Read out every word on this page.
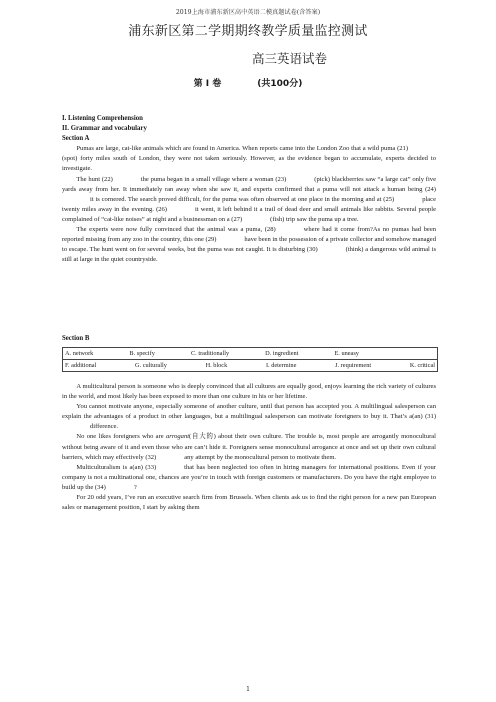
2019上海市浦东新区高中英语二模真题试卷(含答案)
浦东新区第二学期期终教学质量监控测试
高三英语试卷
第 I 卷	(共100分)
I. Listening Comprehension
II. Grammar and vocabulary
Section A

Pumas are large, cat-like animals which are found in America. When reports came into the London Zoo that a wild puma (21)(spot) forty miles south of London, they were not taken seriously. However, as the evidence began to accumulate, experts decided to investigate.

The hunt (22)	the puma began in a small village where a woman (23)	(pick) blackberries saw “a large cat” only five yards away from her. It immediately ran away when she saw it, and experts confirmed that a puma will not attack a human being (24)it is cornered. The search proved difficult, for the puma was often observed at one place in the morning and at (25)	place twenty miles away in the evening. (26)	it went, it left behind it a trail of dead deer and small animals like rabbits. Several people complained of “cat-like noises” at night and a businessman on a (27)	(fish) trip saw the puma up a tree.

The experts were now fully convinced that the animal was a puma, (28)	where had it come from?As no pumas had been reported missing from any zoo in the country, this one (29)	have been in the possession of a private collector and somehow managed to escape. The hunt went on for several weeks, but the puma was not caught. It is disturbing (30)	(think) a dangerous wild animal is still at large in the quiet countryside.

Section B
A. network	B. specify	C. traditionally	D. ingredient	E. uneasy
F. additional	G. culturally	H. block	I. determine	J. requirement	K. critical

A multicultural person is someone who is deeply convinced that all cultures are equally good, enjoys learning the rich variety of cultures in the world, and most likely has been exposed to more than one culture in his or her lifetime.

You cannot motivate anyone, especially someone of another culture, until that person has accepted you. A multilingual salesperson can explain the advantages of a product in other languages, but a multilingual salesperson can motivate foreigners to buy it. That’s a(an) (31)difference.

No one likes foreigners who are arrogant(自大的) about their own culture. The trouble is, most people are arrogantly monocultural without being aware of it and even those who are can’t hide it. Foreigners sense monocultural arrogance at once and set up their own cultural barriers, which may effectively (32)	any attempt by the monocultural person to motivate them.

Multiculturalism is a(an) (33)	that has been neglected too often in hiring managers for international positions. Even if your company is not a multinational one, chances are you’re in touch with foreign customers or manufacturers. Do you have the right employee to build up the (34)	?

For 20 odd years, I’ve run an executive search firm from Brussels. When clients ask us to find the right person for a new pan European sales or management position, I start by asking them

1
